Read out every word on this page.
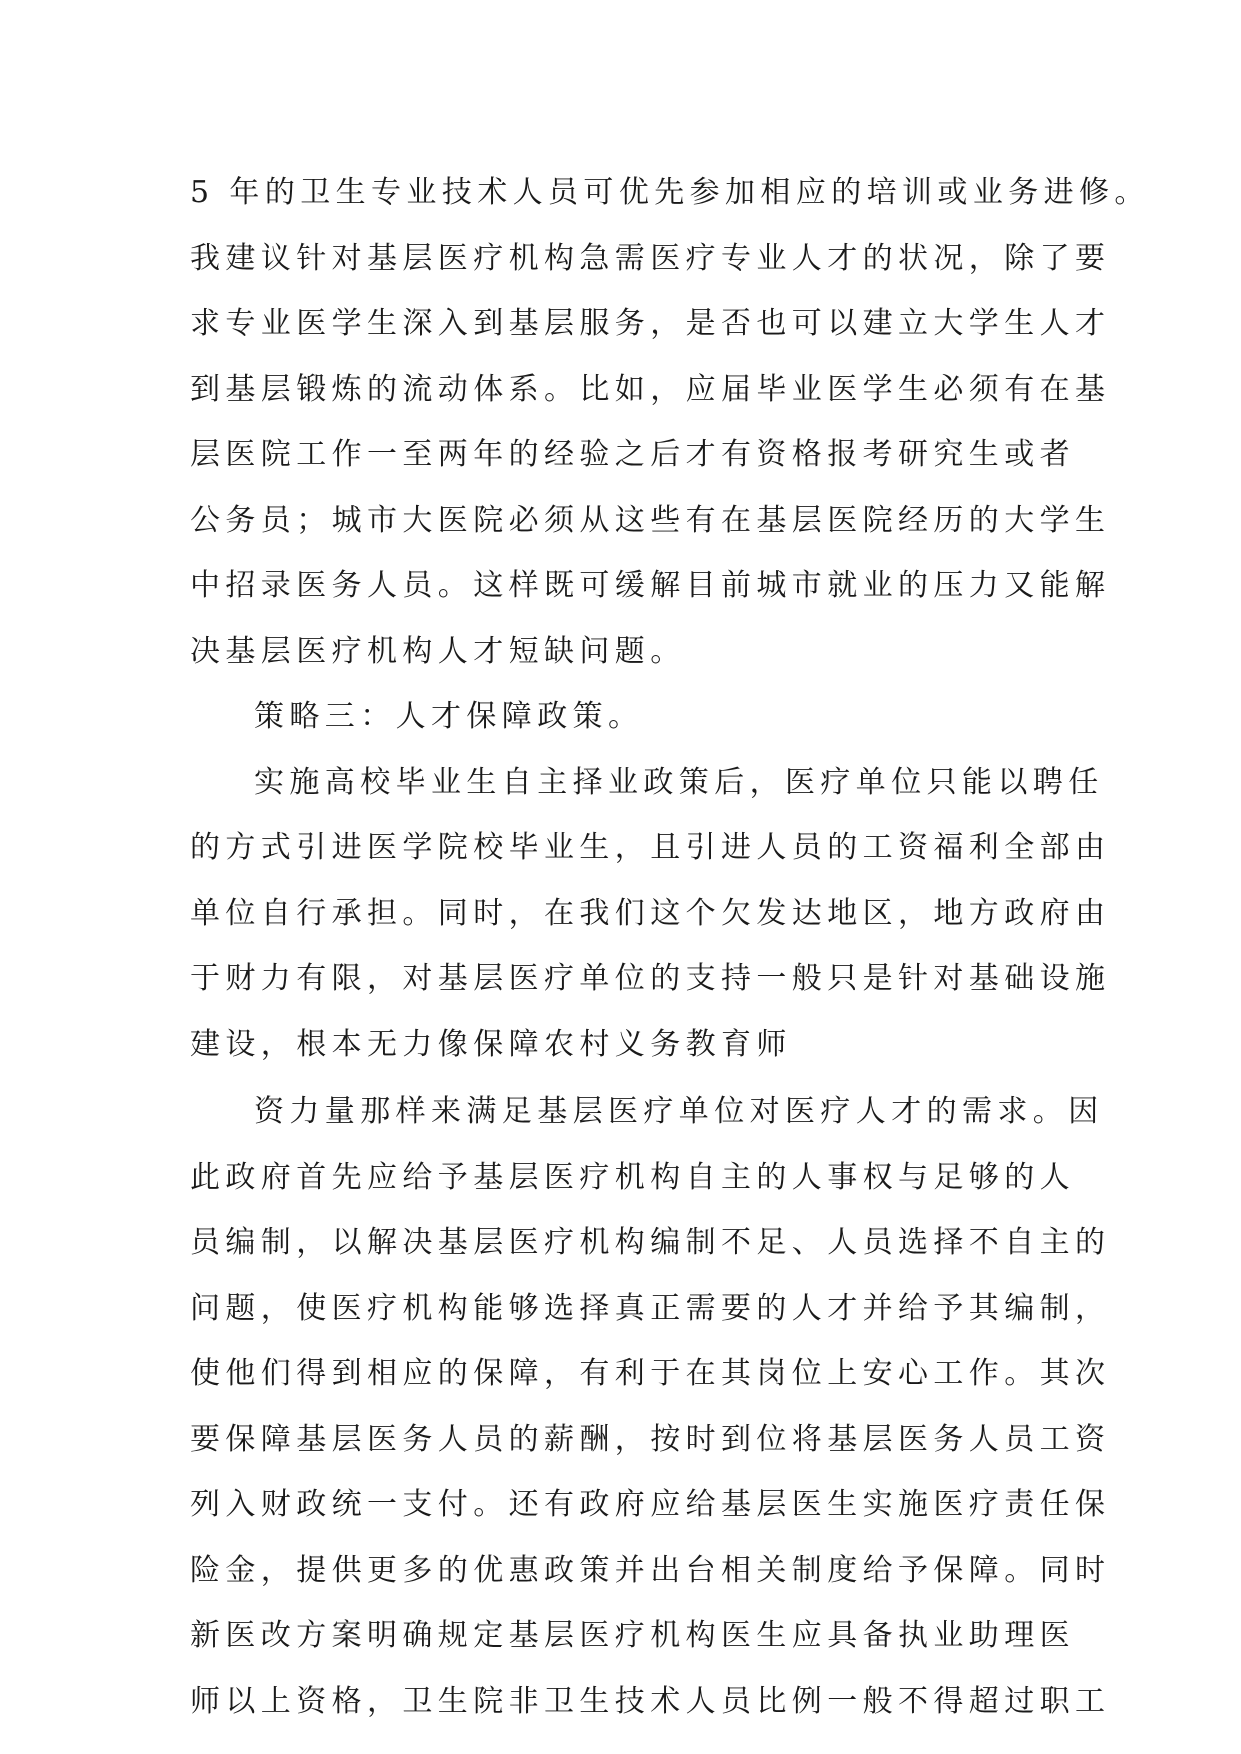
5 年的卫生专业技术人员可优先参加相应的培训或业务进修。
我建议针对基层医疗机构急需医疗专业人才的状况，除了要
求专业医学生深入到基层服务，是否也可以建立大学生人才
到基层锻炼的流动体系。比如，应届毕业医学生必须有在基
层医院工作一至两年的经验之后才有资格报考研究生或者
公务员；城市大医院必须从这些有在基层医院经历的大学生
中招录医务人员。这样既可缓解目前城市就业的压力又能解
决基层医疗机构人才短缺问题。
策略三：人才保障政策。
实施高校毕业生自主择业政策后，医疗单位只能以聘任
的方式引进医学院校毕业生，且引进人员的工资福利全部由
单位自行承担。同时，在我们这个欠发达地区，地方政府由
于财力有限，对基层医疗单位的支持一般只是针对基础设施
建设，根本无力像保障农村义务教育师
资力量那样来满足基层医疗单位对医疗人才的需求。因
此政府首先应给予基层医疗机构自主的人事权与足够的人
员编制，以解决基层医疗机构编制不足、人员选择不自主的
问题，使医疗机构能够选择真正需要的人才并给予其编制，
使他们得到相应的保障，有利于在其岗位上安心工作。其次
要保障基层医务人员的薪酬，按时到位将基层医务人员工资
列入财政统一支付。还有政府应给基层医生实施医疗责任保
险金，提供更多的优惠政策并出台相关制度给予保障。同时
新医改方案明确规定基层医疗机构医生应具备执业助理医
师以上资格，卫生院非卫生技术人员比例一般不得超过职工
